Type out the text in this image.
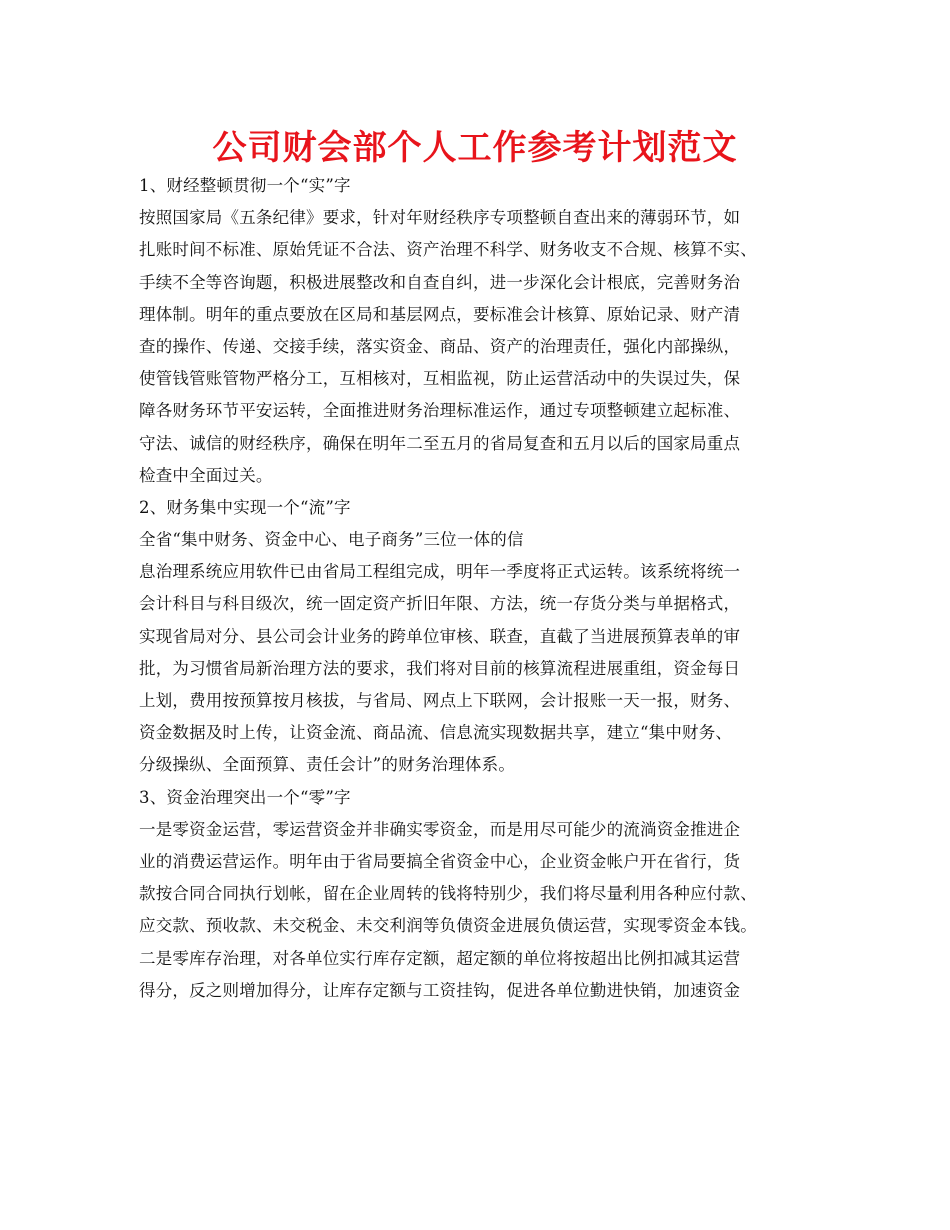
公司财会部个人工作参考计划范文
1、财经整顿贯彻一个“实”字
按照国家局《五条纪律》要求，针对年财经秩序专项整顿自查出来的薄弱环节，如
扎账时间不标准、原始凭证不合法、资产治理不科学、财务收支不合规、核算不实、
手续不全等咨询题，积极进展整改和自查自纠，进一步深化会计根底，完善财务治
理体制。明年的重点要放在区局和基层网点，要标准会计核算、原始记录、财产清
查的操作、传递、交接手续，落实资金、商品、资产的治理责任，强化内部操纵，
使管钱管账管物严格分工，互相核对，互相监视，防止运营活动中的失误过失，保
障各财务环节平安运转，全面推进财务治理标准运作，通过专项整顿建立起标准、
守法、诚信的财经秩序，确保在明年二至五月的省局复查和五月以后的国家局重点
检查中全面过关。
2、财务集中实现一个“流”字
全省“集中财务、资金中心、电子商务”三位一体的信
息治理系统应用软件已由省局工程组完成，明年一季度将正式运转。该系统将统一
会计科目与科目级次，统一固定资产折旧年限、方法，统一存货分类与单据格式，
实现省局对分、县公司会计业务的跨单位审核、联查，直截了当进展预算表单的审
批，为习惯省局新治理方法的要求，我们将对目前的核算流程进展重组，资金每日
上划，费用按预算按月核拔，与省局、网点上下联网，会计报账一天一报，财务、
资金数据及时上传，让资金流、商品流、信息流实现数据共享，建立“集中财务、
分级操纵、全面预算、责任会计”的财务治理体系。
3、资金治理突出一个“零”字
一是零资金运营，零运营资金并非确实零资金，而是用尽可能少的流淌资金推进企
业的消费运营运作。明年由于省局要搞全省资金中心，企业资金帐户开在省行，货
款按合同合同执行划帐，留在企业周转的钱将特别少，我们将尽量利用各种应付款、
应交款、预收款、未交税金、未交利润等负债资金进展负债运营，实现零资金本钱。
二是零库存治理，对各单位实行库存定额，超定额的单位将按超出比例扣减其运营
得分，反之则增加得分，让库存定额与工资挂钩，促进各单位勤进快销，加速资金
